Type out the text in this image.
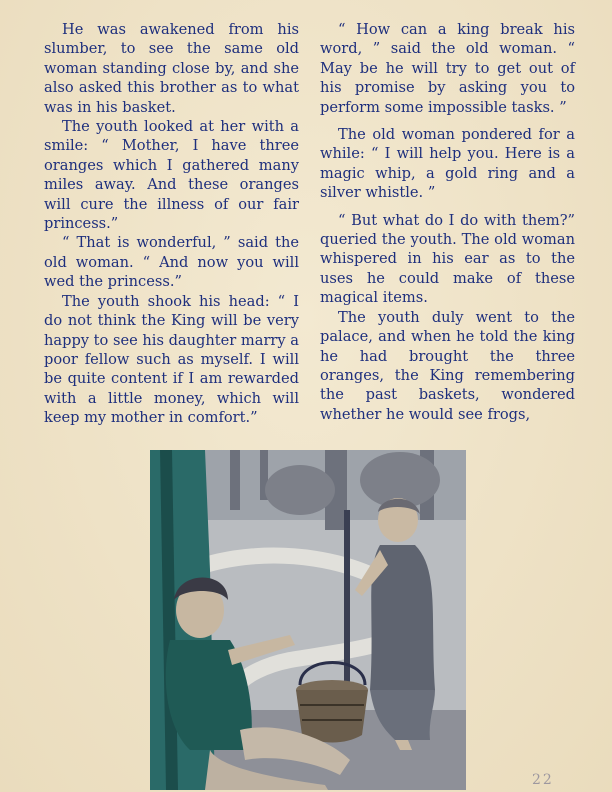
He was awakened from his slumber, to see the same old woman standing close by, and she also asked this brother as to what was in his basket.

The youth looked at her with a smile: “ Mother, I have three oranges which I gathered many miles away. And these oranges will cure the illness of our fair princess.”

“ That is wonderful, ” said the old woman. “ And now you will wed the princess.”

The youth shook his head: “ I do not think the King will be very happy to see his daughter marry a poor fellow such as myself. I will be quite content if I am rewarded with a little money, which will keep my mother in comfort.”

“ How can a king break his word, ” said the old woman. “ May be he will try to get out of his promise by asking you to perform some impossible tasks. ”

The old woman pondered for a while: “ I will help you. Here is a magic whip, a gold ring and a silver whistle. ”

“ But what do I do with them?” queried the youth. The old woman whispered in his ear as to the uses he could make of these magical items.

The youth duly went to the palace, and when he told the king he had brought the three oranges, the King remembering the past baskets, wondered whether he would see frogs,

22
